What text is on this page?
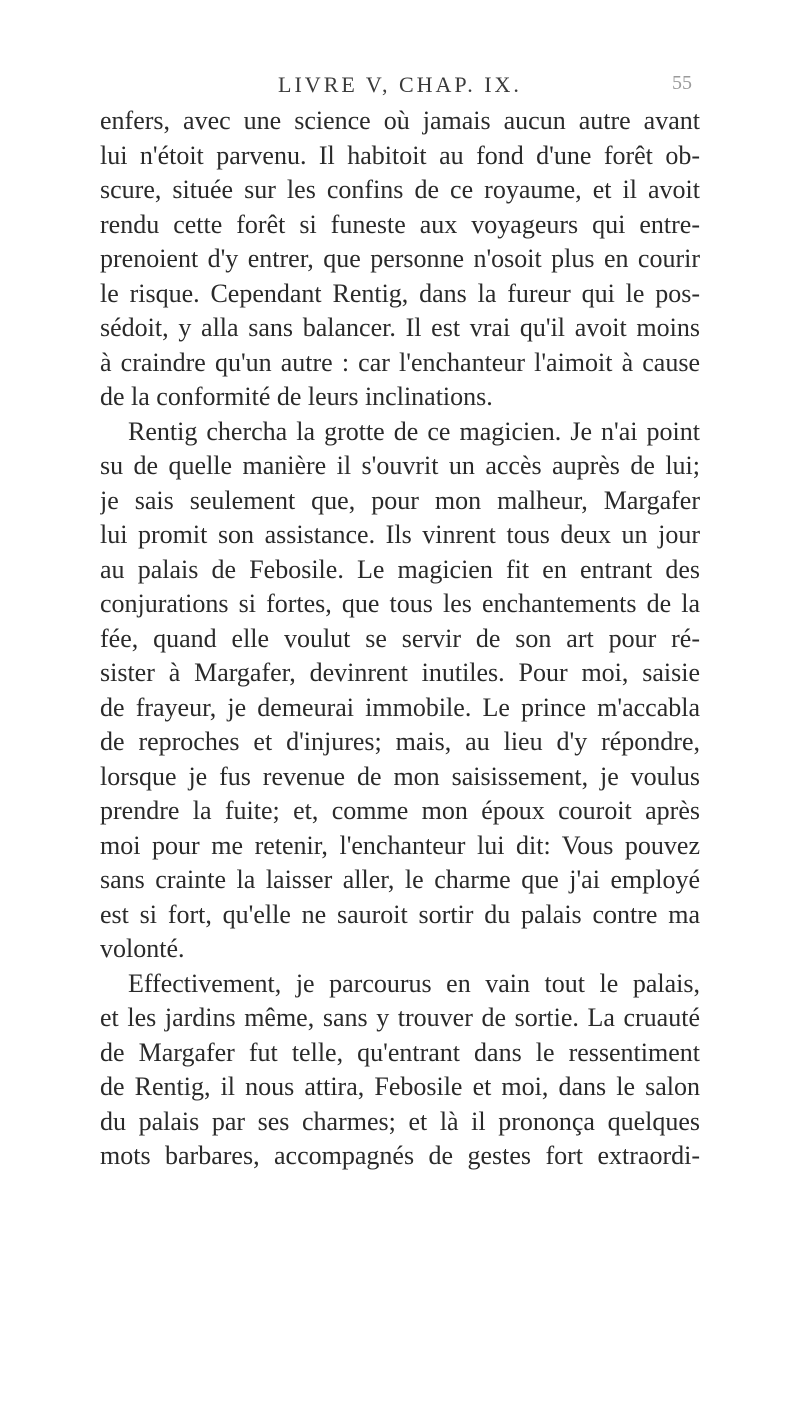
LIVRE V, CHAP. IX.	55
enfers, avec une science où jamais aucun autre avant
lui n'étoit parvenu. Il habitoit au fond d'une forêt ob-
scure, située sur les confins de ce royaume, et il avoit
rendu cette forêt si funeste aux voyageurs qui entre-
prenoient d'y entrer, que personne n'osoit plus en courir
le risque. Cependant Rentig, dans la fureur qui le pos-
sédoit, y alla sans balancer. Il est vrai qu'il avoit moins
à craindre qu'un autre : car l'enchanteur l'aimoit à cause
de la conformité de leurs inclinations.
Rentig chercha la grotte de ce magicien. Je n'ai point
su de quelle manière il s'ouvrit un accès auprès de lui;
je sais seulement que, pour mon malheur, Margafer
lui promit son assistance. Ils vinrent tous deux un jour
au palais de Febosile. Le magicien fit en entrant des
conjurations si fortes, que tous les enchantements de la
fée, quand elle voulut se servir de son art pour ré-
sister à Margafer, devinrent inutiles. Pour moi, saisie
de frayeur, je demeurai immobile. Le prince m'accabla
de reproches et d'injures; mais, au lieu d'y répondre,
lorsque je fus revenue de mon saisissement, je voulus
prendre la fuite; et, comme mon époux couroit après
moi pour me retenir, l'enchanteur lui dit: Vous pouvez
sans crainte la laisser aller, le charme que j'ai employé
est si fort, qu'elle ne sauroit sortir du palais contre ma
volonté.
Effectivement, je parcourus en vain tout le palais,
et les jardins même, sans y trouver de sortie. La cruauté
de Margafer fut telle, qu'entrant dans le ressentiment
de Rentig, il nous attira, Febosile et moi, dans le salon
du palais par ses charmes; et là il prononça quelques
mots barbares, accompagnés de gestes fort extraordi-
